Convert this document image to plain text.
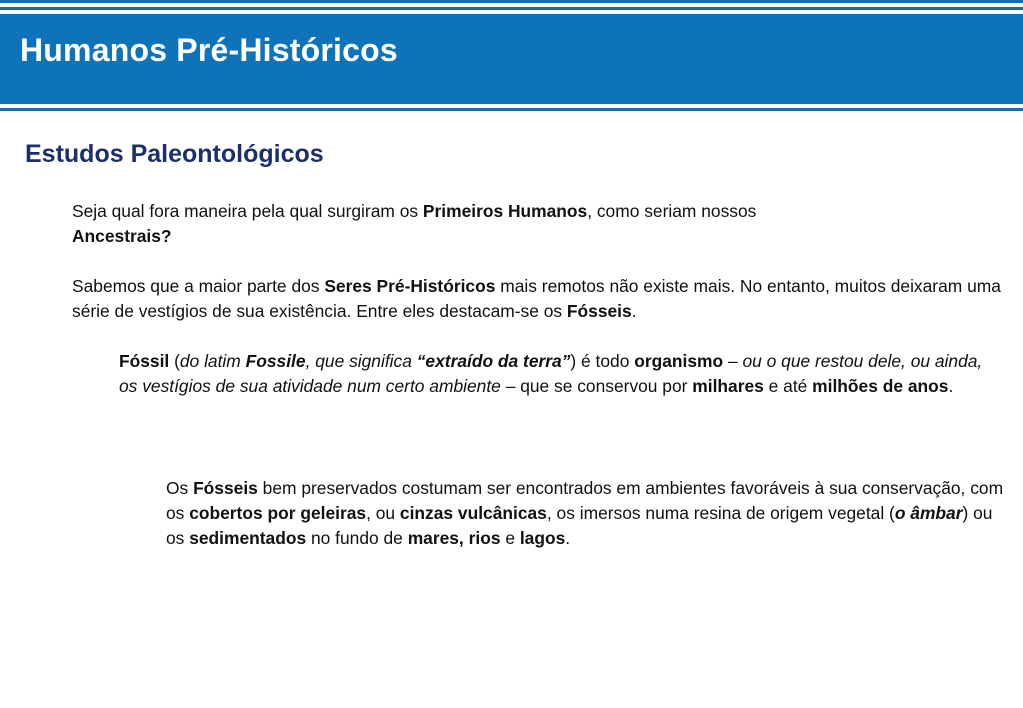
Humanos Pré-Históricos
Estudos Paleontológicos
Seja qual fora maneira pela qual surgiram os Primeiros Humanos, como seriam nossos
Ancestrais?
Sabemos que a maior parte dos Seres Pré-Históricos mais remotos não existe mais. No entanto, muitos deixaram uma série de vestígios de sua existência. Entre eles destacam-se os Fósseis.
Fóssil (do latim Fossile, que significa “extraído da terra”) é todo organismo – ou o que restou dele, ou ainda, os vestígios de sua atividade num certo ambiente – que se conservou por milhares e até milhões de anos.
Os Fósseis bem preservados costumam ser encontrados em ambientes favoráveis à sua conservação, com os cobertos por geleiras, ou cinzas vulcânicas, os imersos numa resina de origem vegetal (o âmbar) ou os sedimentados no fundo de mares, rios e lagos.
